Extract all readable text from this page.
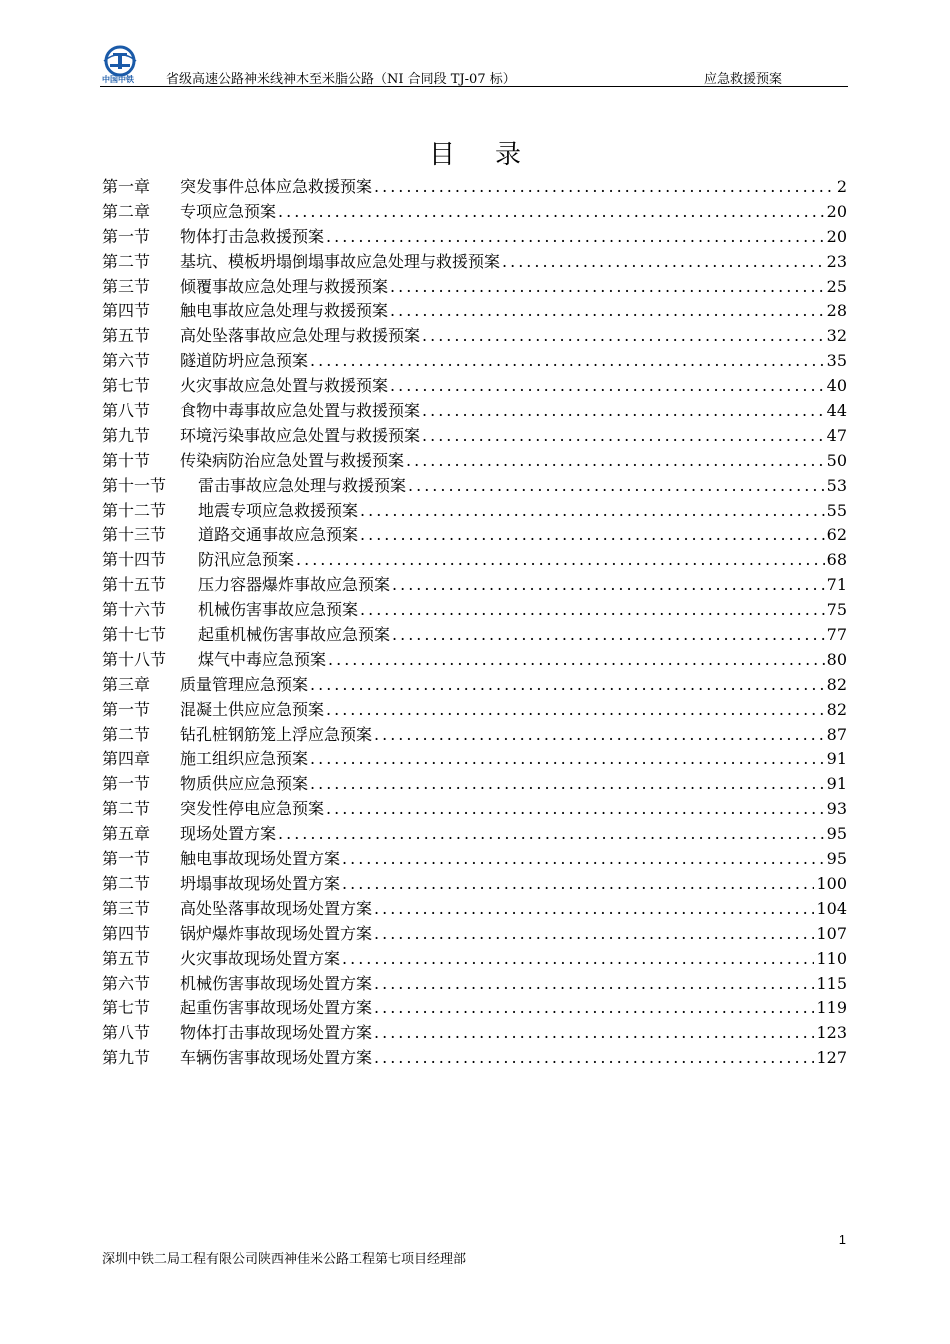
中国中铁 省级高速公路神米线神木至米脂公路（NI 合同段 TJ-07 标）	应急救援预案
目录
第一章	突发事件总体应急救援预案 .....	2
第二章	专项应急预案 .....	20
第一节	物体打击急救援预案 .....	20
第二节	基坑、模板坍塌倒塌事故应急处理与救援预案 .....	23
第三节	倾覆事故应急处理与救援预案 .....	25
第四节	触电事故应急处理与救援预案 .....	28
第五节	高处坠落事故应急处理与救援预案 .....	32
第六节	隧道防坍应急预案 .....	35
第七节	火灾事故应急处置与救援预案 .....	40
第八节	食物中毒事故应急处置与救援预案 .....	44
第九节	环境污染事故应急处置与救援预案 .....	47
第十节	传染病防治应急处置与救援预案 .....	50
第十一节	雷击事故应急处理与救援预案 .....	53
第十二节	地震专项应急救援预案 .....	55
第十三节	道路交通事故应急预案 .....	62
第十四节	防汛应急预案 .....	68
第十五节	压力容器爆炸事故应急预案 .....	71
第十六节	机械伤害事故应急预案 .....	75
第十七节	起重机械伤害事故应急预案 .....	77
第十八节	煤气中毒应急预案 .....	80
第三章	质量管理应急预案 .....	82
第一节	混凝土供应应急预案 .....	82
第二节	钻孔桩钢筋笼上浮应急预案 .....	87
第四章	施工组织应急预案 .....	91
第一节	物质供应应急预案 .....	91
第二节	突发性停电应急预案 .....	93
第五章	现场处置方案 .....	95
第一节	触电事故现场处置方案 .....	95
第二节	坍塌事故现场处置方案 .....	100
第三节	高处坠落事故现场处置方案 .....	104
第四节	锅炉爆炸事故现场处置方案 .....	107
第五节	火灾事故现场处置方案 .....	110
第六节	机械伤害事故现场处置方案 .....	115
第七节	起重伤害事故现场处置方案 .....	119
第八节	物体打击事故现场处置方案 .....	123
第九节	车辆伤害事故现场处置方案 .....	127
1
深圳中铁二局工程有限公司陕西神佳米公路工程第七项目经理部
